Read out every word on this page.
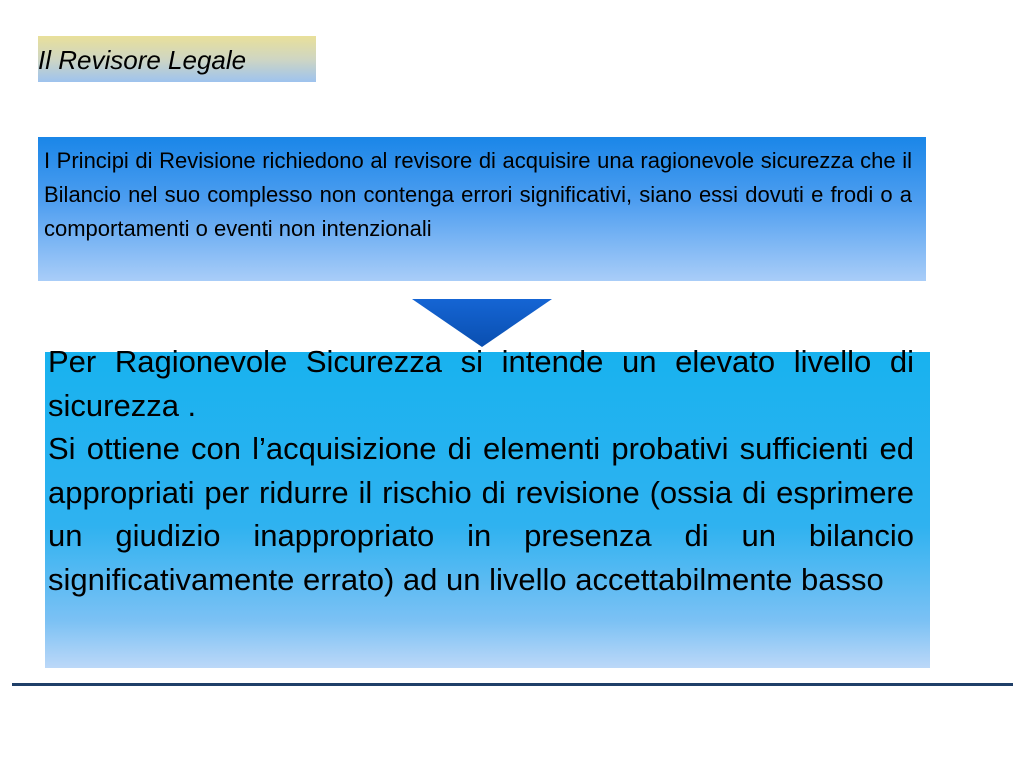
Il Revisore Legale
I Principi di Revisione richiedono al revisore di acquisire una ragionevole sicurezza che il Bilancio nel suo complesso non contenga errori significativi, siano essi dovuti e frodi o a comportamenti o eventi non intenzionali

Per Ragionevole Sicurezza si intende un elevato livello di sicurezza .

Si ottiene con l’acquisizione di elementi probativi sufficienti ed appropriati per ridurre il rischio di revisione (ossia di esprimere un giudizio inappropriato in presenza di un bilancio significativamente errato) ad un livello accettabilmente basso
